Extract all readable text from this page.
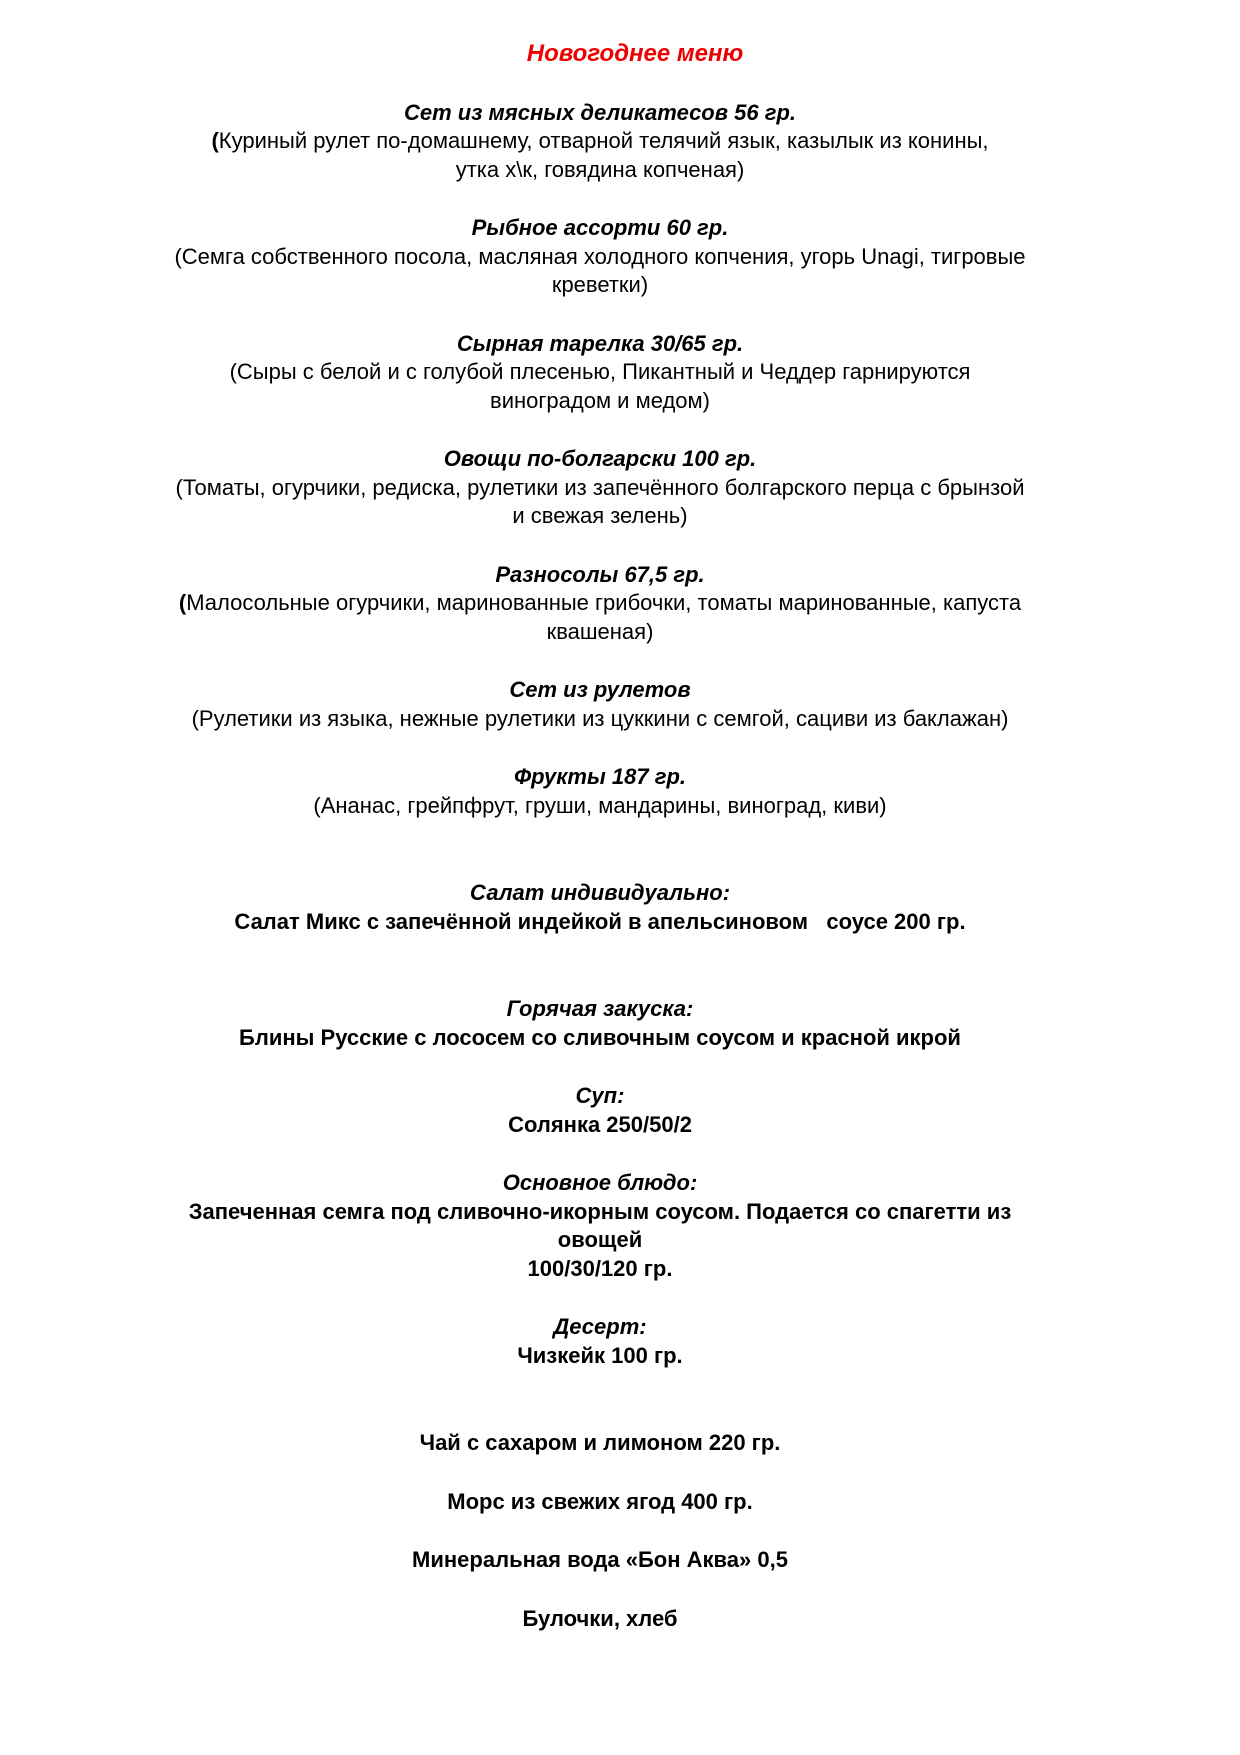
Новогоднее меню
Сет из мясных деликатесов 56 гр.
(Куриный рулет по-домашнему, отварной телячий язык, казылык из конины,
утка х\к, говядина копченая)
Рыбное ассорти 60 гр.
(Семга собственного посола, масляная холодного копчения, угорь Unagi, тигровые
креветки)
Сырная тарелка 30/65 гр.
(Сыры с белой и с голубой плесенью, Пикантный и Чеддер гарнируются
виноградом и медом)
Овощи по-болгарски 100 гр.
(Томаты, огурчики, редиска, рулетики из запечённого болгарского перца с брынзой
и свежая зелень)
Разносолы 67,5 гр.
(Малосольные огурчики, маринованные грибочки, томаты маринованные, капуста
квашеная)
Сет из рулетов
(Рулетики из языка, нежные рулетики из цуккини с семгой, сациви из баклажан)
Фрукты 187 гр.
(Ананас, грейпфрут, груши, мандарины, виноград, киви)
Салат индивидуально:
Салат Микс с запечённой индейкой в апельсиновом   соусе 200 гр.
Горячая закуска:
Блины Русские с лососем со сливочным соусом и красной икрой
Суп:
Солянка 250/50/2
Основное блюдо:
Запеченная семга под сливочно-икорным соусом. Подается со спагетти из
овощей
100/30/120 гр.
Десерт:
Чизкейк 100 гр.
Чай с сахаром и лимоном 220 гр.
Морс из свежих ягод 400 гр.
Минеральная вода «Бон Аква» 0,5
Булочки, хлеб
